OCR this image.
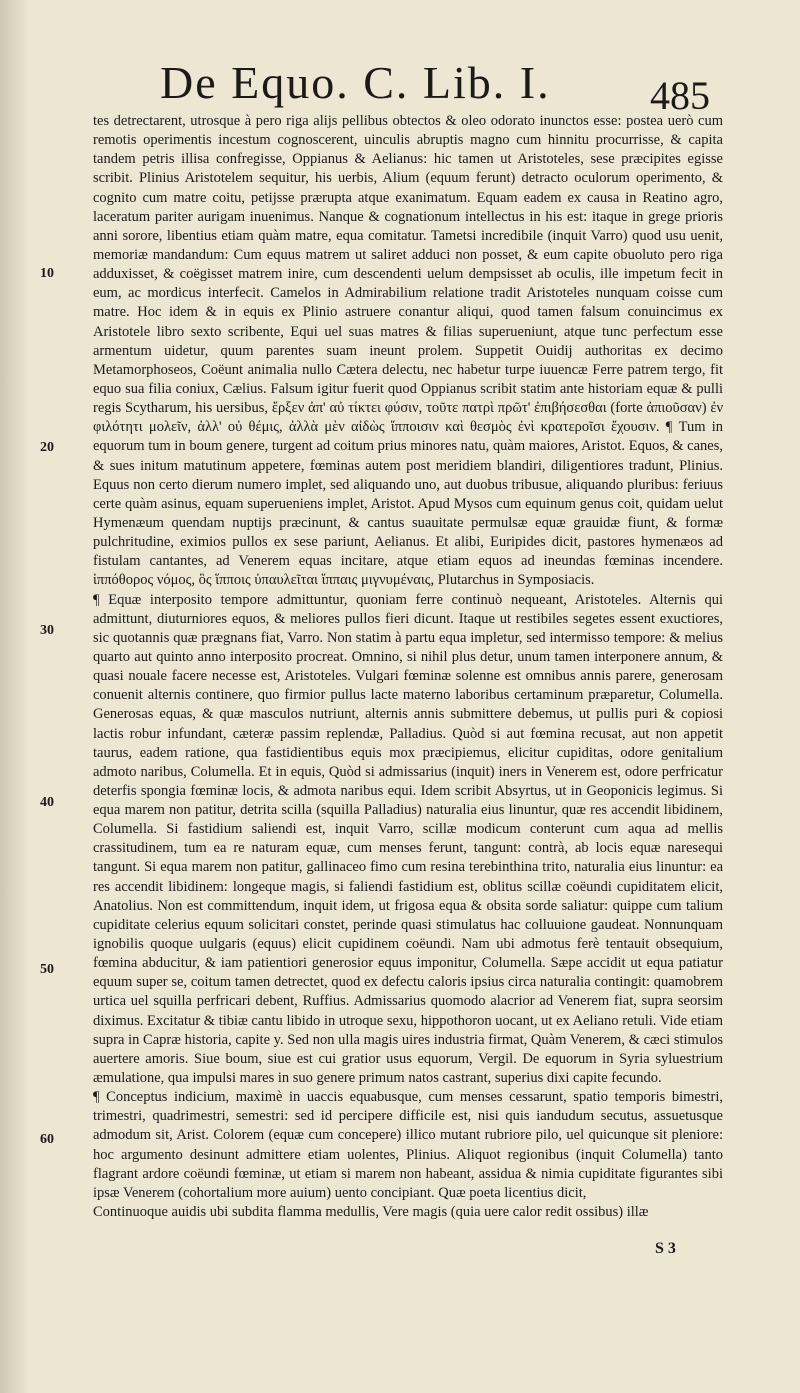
De Equo. C. Lib. I. 485
10
20
30
40
50
60

tes detrectarent, utrosque à pero riga alijs pellibus obtectos & oleo odorato inunctos esse: postea uerò cum remotis operimentis incestum cognoscerent, uinculis abruptis magno cum hinnitu procurrisse, & capita tandem petris illisa confregisse, Oppianus & Aelianus: hic tamen ut Aristoteles, sese præcipites egisse scribit. Plinius Aristotelem sequitur, his uerbis, Alium (equum ferunt) detracto oculorum operimento, & cognito cum matre coitu, petijsse prærupta atque exanimatum. Equam eadem ex causa in Reatino agro, laceratum pariter aurigam inuenimus. Nanque & cognationum intellectus in his est: itaque in grege prioris anni sorore, libentius etiam quàm matre, equa comitatur. Tametsi incredibile (inquit Varro) quod usu uenit, memoriæ mandandum: Cum equus matrem ut saliret adduci non posset, & eum capite obuoluto pero riga adduxisset, & coëgisset matrem inire, cum descendenti uelum dempsisset ab oculis, ille impetum fecit in eum, ac mordicus interfecit. Camelos in Admirabilium relatione tradit Aristoteles nunquam coisse cum matre. Hoc idem & in equis ex Plinio astruere conantur aliqui, quod tamen falsum conuincimus ex Aristotele libro sexto scribente, Equi uel suas matres & filias superueniunt, atque tunc perfectum esse armentum uidetur, quum parentes suam ineunt prolem. Suppetit Ouidij authoritas ex decimo Metamorphoseos, Coëunt animalia nullo Cætera delectu, nec habetur turpe iuuencæ Ferre patrem tergo, fit equo sua filia coniux, Cælius. Falsum igitur fuerit quod Oppianus scribit statim ante historiam equæ & pulli regis Scytharum, his uersibus, ἔρξεν ἀπ' αὐ τίκτει φύσιν, τοῦτε πατρὶ πρῶτ' ἐπιβήσεσθαι (forte ἀπιοῦσαν) ἐν φιλότητι μολεῖν, ἀλλ' οὐ θέμις, ἀλλὰ μὲν αἰδὼς ἵπποισιν καὶ θεσμὸς ἐνὶ κρατεροῖσι ἔχουσιν. ¶ Tum in equorum tum in boum genere, turgent ad coitum prius minores natu, quàm maiores, Aristot. Equos, & canes, & sues initum matutinum appetere, fœminas autem post meridiem blandiri, diligentiores tradunt, Plinius. Equus non certo dierum numero implet, sed aliquando uno, aut duobus tribusue, aliquando pluribus: feriuus certe quàm asinus, equam superueniens implet, Aristot. Apud Mysos cum equinum genus coit, quidam uelut Hymenæum quendam nuptijs præcinunt, & cantus suauitate permulsæ equæ grauidæ fiunt, & formæ pulchritudine, eximios pullos ex sese pariunt, Aelianus. Et alibi, Euripides dicit, pastores hymenæos ad fistulam cantantes, ad Venerem equas incitare, atque etiam equos ad ineundas fœminas incendere. ἱππόθορος νόμος, ὃς ἵπποις ὑπαυλεῖται ἵππαις μιγνυμέναις, Plutarchus in Symposiacis.

¶ Equæ interposito tempore admittuntur, quoniam ferre continuò nequeant, Aristoteles. Alternis qui admittunt, diuturniores equos, & meliores pullos fieri dicunt. Itaque ut restibiles segetes essent exuctiores, sic quotannis quæ prægnans fiat, Varro. Non statim à partu equa impletur, sed intermisso tempore: & melius quarto aut quinto anno interposito procreat. Omnino, si nihil plus detur, unum tamen interponere annum, & quasi nouale facere necesse est, Aristoteles. Vulgari fœminæ solenne est omnibus annis parere, generosam conuenit alternis continere, quo firmior pullus lacte materno laboribus certaminum præparetur, Columella. Generosas equas, & quæ masculos nutriunt, alternis annis submittere debemus, ut pullis puri & copiosi lactis robur infundant, cæteræ passim replendæ, Palladius. Quòd si aut fœmina recusat, aut non appetit taurus, eadem ratione, qua fastidientibus equis mox præcipiemus, elicitur cupiditas, odore genitalium admoto naribus, Columella. Et in equis, Quòd si admissarius (inquit) iners in Venerem est, odore perfricatur deterfis spongia fœminæ locis, & admota naribus equi. Idem scribit Absyrtus, ut in Geoponicis legimus. Si equa marem non patitur, detrita scilla (squilla Palladius) naturalia eius linuntur, quæ res accendit libidinem, Columella. Si fastidium saliendi est, inquit Varro, scillæ modicum conterunt cum aqua ad mellis crassitudinem, tum ea re naturam equæ, cum menses ferunt, tangunt: contrà, ab locis equæ naresequi tangunt. Si equa marem non patitur, gallinaceo fimo cum resina terebinthina trito, naturalia eius linuntur: ea res accendit libidinem: longeque magis, si faliendi fastidium est, oblitus scillæ coëundi cupiditatem elicit, Anatolius. Non est committendum, inquit idem, ut frigosa equa & obsita sorde saliatur: quippe cum talium cupiditate celerius equum solicitari constet, perinde quasi stimulatus hac colluuione gaudeat. Nonnunquam ignobilis quoque uulgaris (equus) elicit cupidinem coëundi. Nam ubi admotus ferè tentauit obsequium, fœmina abducitur, & iam patientiori generosior equus imponitur, Columella. Sæpe accidit ut equa patiatur equum super se, coitum tamen detrectet, quod ex defectu caloris ipsius circa naturalia contingit: quamobrem urtica uel squilla perfricari debent, Ruffius. Admissarius quomodo alacrior ad Venerem fiat, supra seorsim diximus. Excitatur & tibiæ cantu libido in utroque sexu, hippothoron uocant, ut ex Aeliano retuli. Vide etiam supra in Capræ historia, capite y. Sed non ulla magis uires industria firmat, Quàm Venerem, & cæci stimulos auertere amoris. Siue boum, siue est cui gratior usus equorum, Vergil. De equorum in Syria syluestrium æmulatione, qua impulsi mares in suo genere primum natos castrant, superius dixi capite fecundo.

¶ Conceptus indicium, maximè in uaccis equabusque, cum menses cessarunt, spatio temporis bimestri, trimestri, quadrimestri, semestri: sed id percipere difficile est, nisi quis iandudum secutus, assuetusque admodum sit, Arist. Colorem (equæ cum concepere) illico mutant rubriore pilo, uel quicunque sit pleniore: hoc argumento desinunt admittere etiam uolentes, Plinius. Aliquot regionibus (inquit Columella) tanto flagrant ardore coëundi fœminæ, ut etiam si marem non habeant, assidua & nimia cupiditate figurantes sibi ipsæ Venerem (cohortalium more auium) uento concipiant. Quæ poeta licentius dicit,

Continuoque auidis ubi subdita flamma medullis, Vere magis (quia uere calor redit ossibus) illæ

S 3
